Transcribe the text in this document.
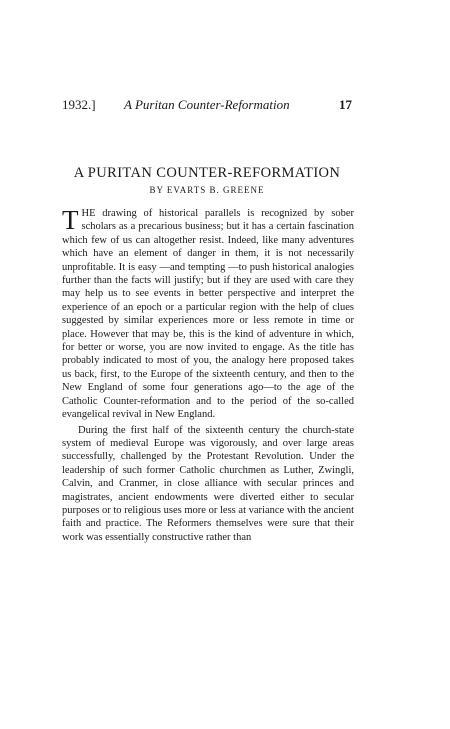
1932.] A Puritan Counter-Reformation	17
A PURITAN COUNTER-REFORMATION
BY EVARTS B. GREENE

THE drawing of historical parallels is recognized by sober scholars as a precarious business; but it has a certain fascination which few of us can altogether resist. Indeed, like many adventures which have an element of danger in them, it is not necessarily unprofitable. It is easy —and tempting —to push historical analogies further than the facts will justify; but if they are used with care they may help us to see events in better perspective and interpret the experience of an epoch or a particular region with the help of clues suggested by similar experiences more or less remote in time or place. However that may be, this is the kind of adventure in which, for better or worse, you are now invited to engage. As the title has probably indicated to most of you, the analogy here proposed takes us back, first, to the Europe of the sixteenth century, and then to the New England of some four generations ago—to the age of the Catholic Counter-reformation and to the period of the so-called evangelical revival in New England.

During the first half of the sixteenth century the church-state system of medieval Europe was vigorously, and over large areas successfully, challenged by the Protestant Revolution. Under the leadership of such former Catholic churchmen as Luther, Zwingli, Calvin, and Cranmer, in close alliance with secular princes and magistrates, ancient endowments were diverted either to secular purposes or to religious uses more or less at variance with the ancient faith and practice. The Reformers themselves were sure that their work was essentially constructive rather than
